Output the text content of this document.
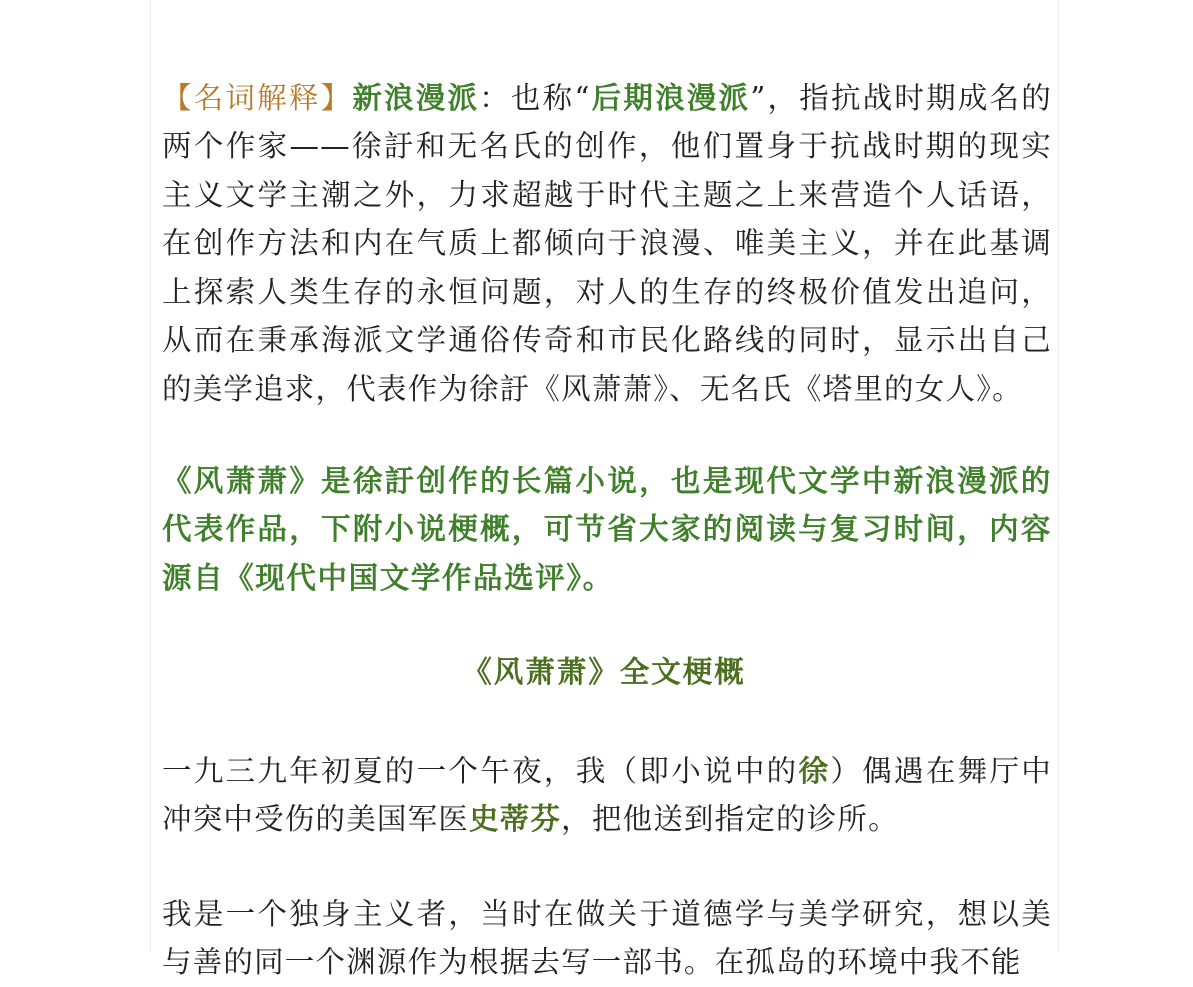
【名词解释】新浪漫派：也称“后期浪漫派”，指抗战时期成名的两个作家——徐訏和无名氏的创作，他们置身于抗战时期的现实主义文学主潮之外，力求超越于时代主题之上来营造个人话语，在创作方法和内在气质上都倾向于浪漫、唯美主义，并在此基调上探索人类生存的永恒问题，对人的生存的终极价值发出追问，从而在秉承海派文学通俗传奇和市民化路线的同时，显示出自己的美学追求，代表作为徐訏《风萧萧》、无名氏《塔里的女人》。

《风萧萧》是徐訏创作的长篇小说，也是现代文学中新浪漫派的代表作品，下附小说梗概，可节省大家的阅读与复习时间，内容源自《现代中国文学作品选评》。

《风萧萧》全文梗概

一九三九年初夏的一个午夜，我（即小说中的徐）偶遇在舞厅中冲突中受伤的美国军医史蒂芬，把他送到指定的诊所。

我是一个独身主义者，当时在做关于道德学与美学研究，想以美与善的同一个渊源作为根据去写一部书。在孤岛的环境中我不能
